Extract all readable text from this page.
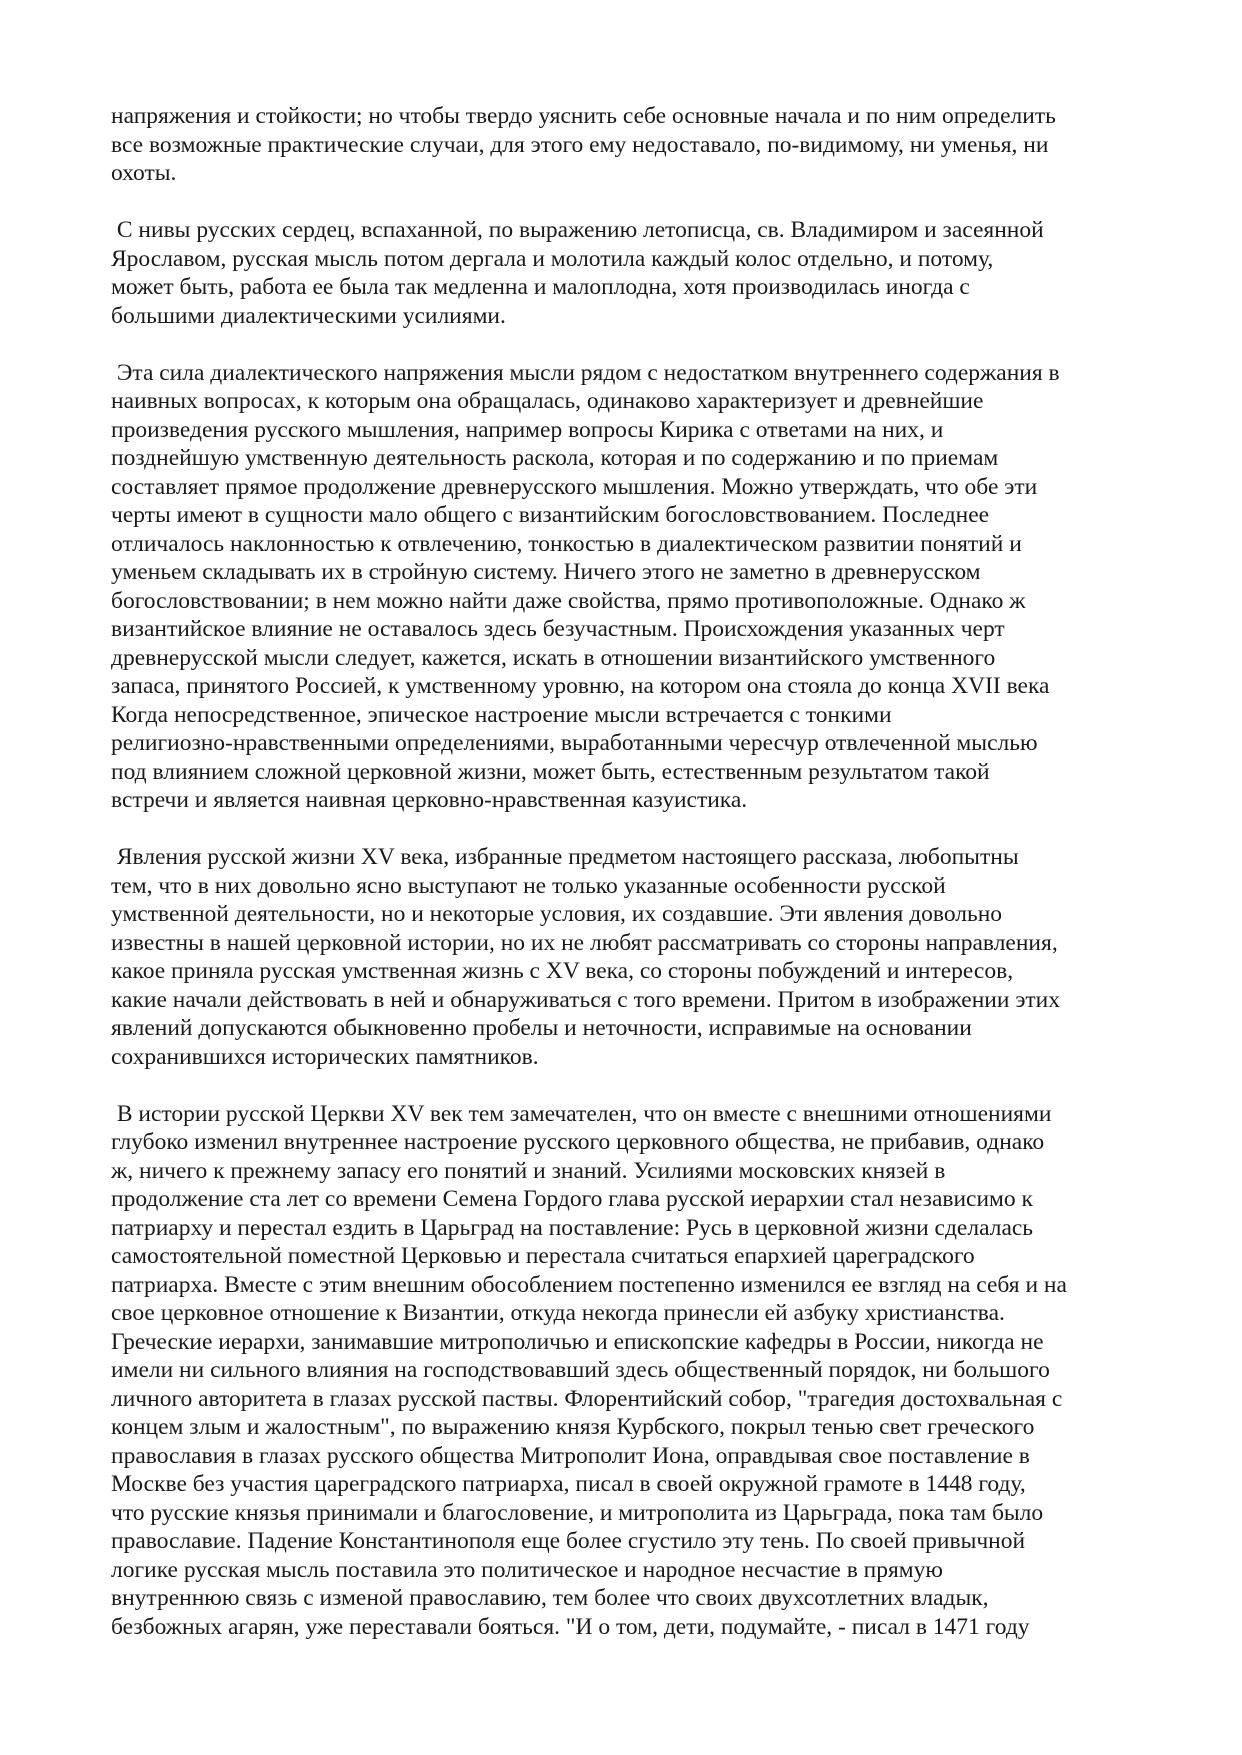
напряжения и стойкости; но чтобы твердо уяснить себе основные начала и по ним определить
все возможные практические случаи, для этого ему недоставало, по-видимому, ни уменья, ни
охоты.

С нивы русских сердец, вспаханной, по выражению летописца, св. Владимиром и засеянной
Ярославом, русская мысль потом дергала и молотила каждый колос отдельно, и потому,
может быть, работа ее была так медленна и малоплодна, хотя производилась иногда с
большими диалектическими усилиями.

Эта сила диалектического напряжения мысли рядом с недостатком внутреннего содержания в
наивных вопросах, к которым она обращалась, одинаково характеризует и древнейшие
произведения русского мышления, например вопросы Кирика с ответами на них, и
позднейшую умственную деятельность раскола, которая и по содержанию и по приемам
составляет прямое продолжение древнерусского мышления. Можно утверждать, что обе эти
черты имеют в сущности мало общего с византийским богословствованием. Последнее
отличалось наклонностью к отвлечению, тонкостью в диалектическом развитии понятий и
уменьем складывать их в стройную систему. Ничего этого не заметно в древнерусском
богословствовании; в нем можно найти даже свойства, прямо противоположные. Однако ж
византийское влияние не оставалось здесь безучастным. Происхождения указанных черт
древнерусской мысли следует, кажется, искать в отношении византийского умственного
запаса, принятого Россией, к умственному уровню, на котором она стояла до конца XVII века
Когда непосредственное, эпическое настроение мысли встречается с тонкими
религиозно-нравственными определениями, выработанными чересчур отвлеченной мыслью
под влиянием сложной церковной жизни, может быть, естественным результатом такой
встречи и является наивная церковно-нравственная казуистика.

Явления русской жизни XV века, избранные предметом настоящего рассказа, любопытны
тем, что в них довольно ясно выступают не только указанные особенности русской
умственной деятельности, но и некоторые условия, их создавшие. Эти явления довольно
известны в нашей церковной истории, но их не любят рассматривать со стороны направления,
какое приняла русская умственная жизнь с XV века, со стороны побуждений и интересов,
какие начали действовать в ней и обнаруживаться с того времени. Притом в изображении этих
явлений допускаются обыкновенно пробелы и неточности, исправимые на основании
сохранившихся исторических памятников.

В истории русской Церкви XV век тем замечателен, что он вместе с внешними отношениями
глубоко изменил внутреннее настроение русского церковного общества, не прибавив, однако
ж, ничего к прежнему запасу его понятий и знаний. Усилиями московских князей в
продолжение ста лет со времени Семена Гордого глава русской иерархии стал независимо к
патриарху и перестал ездить в Царьград на поставление: Русь в церковной жизни сделалась
самостоятельной поместной Церковью и перестала считаться епархией цареградского
патриарха. Вместе с этим внешним обособлением постепенно изменился ее взгляд на себя и на
свое церковное отношение к Византии, откуда некогда принесли ей азбуку христианства.
Греческие иерархи, занимавшие митрополичью и епископские кафедры в России, никогда не
имели ни сильного влияния на господствовавший здесь общественный порядок, ни большого
личного авторитета в глазах русской паствы. Флорентийский собор, "трагедия достохвальная с
концем злым и жалостным", по выражению князя Курбского, покрыл тенью свет греческого
православия в глазах русского общества Митрополит Иона, оправдывая свое поставление в
Москве без участия цареградского патриарха, писал в своей окружной грамоте в 1448 году,
что русские князья принимали и благословение, и митрополита из Царьграда, пока там было
православие. Падение Константинополя еще более сгустило эту тень. По своей привычной
логике русская мысль поставила это политическое и народное несчастие в прямую
внутреннюю связь с изменой православию, тем более что своих двухсотлетних владык,
безбожных агарян, уже переставали бояться. "И о том, дети, подумайте, - писал в 1471 году
